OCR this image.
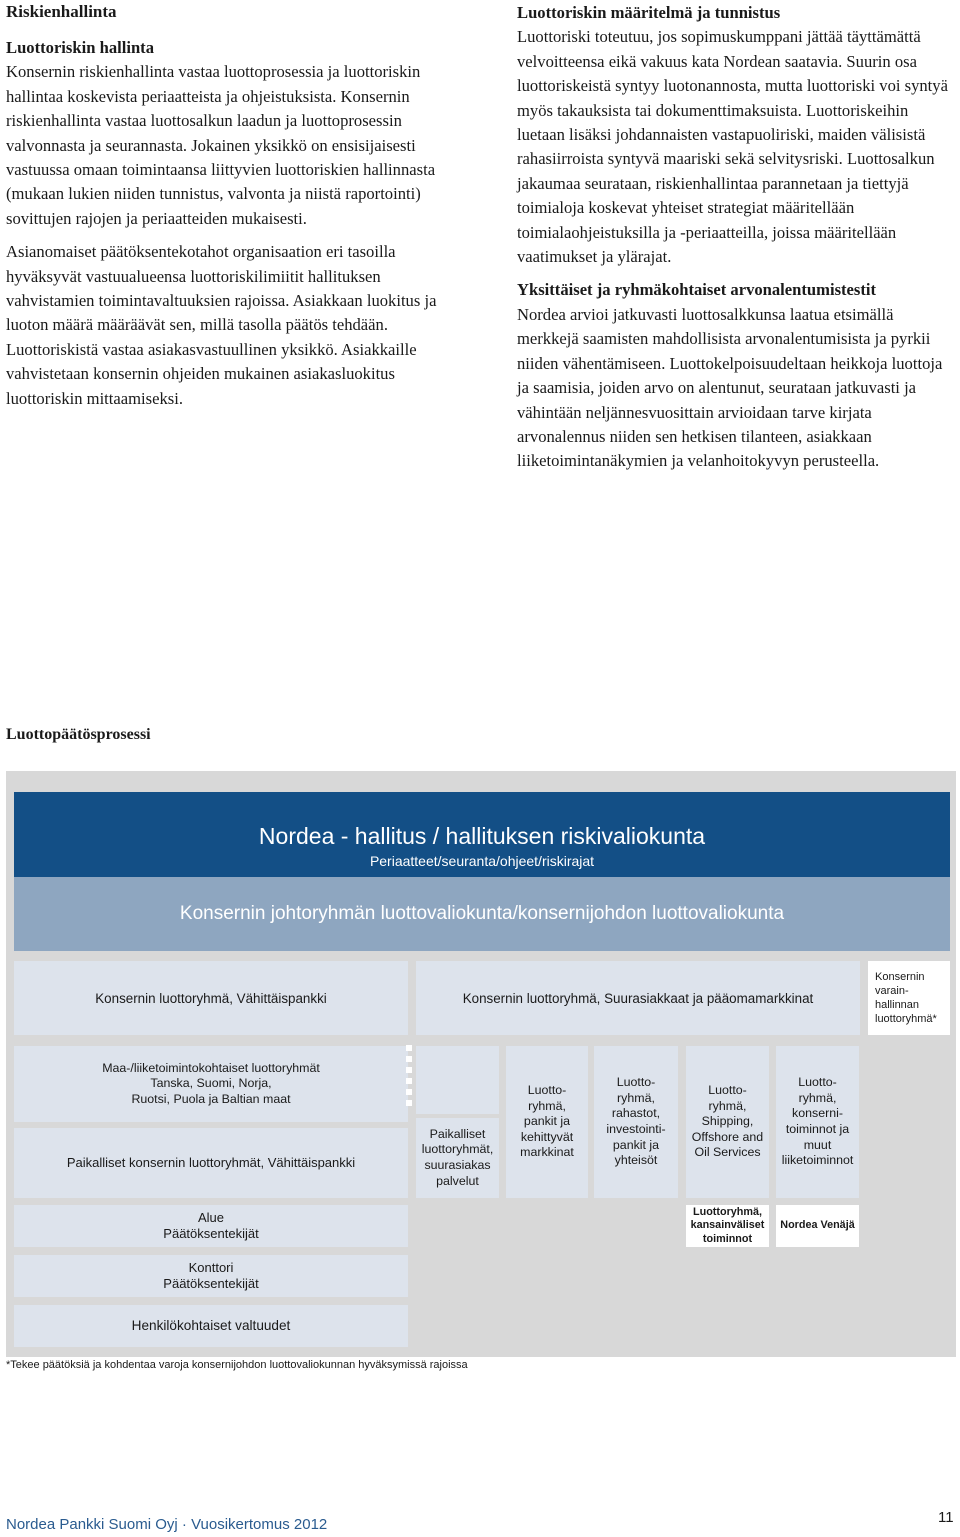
Riskienhallinta

Luottoriskin hallinta
Konsernin riskienhallinta vastaa luottoprosessia ja luottoriskin hallintaa koskevista periaatteista ja ohjeistuksista. Konsernin riskienhallinta vastaa luottosalkun laadun ja luottoprosessin valvonnasta ja seurannasta. Jokainen yksikkö on ensisijaisesti vastuussa omaan toimintaansa liittyvien luottoriskien hallinnasta (mukaan lukien niiden tunnistus, valvonta ja niistä raportointi) sovittujen rajojen ja periaatteiden mukaisesti.

Asianomaiset päätöksentekotahot organisaation eri tasoilla hyväksyvät vastuualueensa luottoriskilimiitit hallituksen vahvistamien toimintavaltuuksien rajoissa. Asiakkaan luokitus ja luoton määrä määräävät sen, millä tasolla päätös tehdään. Luottoriskistä vastaa asiakasvastuullinen yksikkö. Asiakkaille vahvistetaan konsernin ohjeiden mukainen asiakasluokitus luottoriskin mittaamiseksi.

Luottoriskin määritelmä ja tunnistus
Luottoriski toteutuu, jos sopimuskumppani jättää täyttämättä velvoitteensa eikä vakuus kata Nordean saatavia. Suurin osa luottoriskeistä syntyy luotonannosta, mutta luottoriski voi syntyä myös takauksista tai dokumenttimaksuista. Luottoriskeihin luetaan lisäksi johdannaisten vastapuoliriski, maiden välisistä rahasiirroista syntyvä maariski sekä selvitysriski. Luottosalkun jakaumaa seurataan, riskienhallintaa parannetaan ja tiettyjä toimialoja koskevat yhteiset strategiat määritellään toimialaohjeistuksilla ja -periaatteilla, joissa määritellään vaatimukset ja ylärajat.

Yksittäiset ja ryhmäkohtaiset arvonalentumistestit
Nordea arvioi jatkuvasti luottosalkkunsa laatua etsimällä merkkejä saamisten mahdollisista arvonalentumisista ja pyrkii niiden vähentämiseen. Luottokelpoisuudeltaan heikkoja luottoja ja saamisia, joiden arvo on alentunut, seurataan jatkuvasti ja vähintään neljännesvuosittain arvioidaan tarve kirjata arvonalennus niiden sen hetkisen tilanteen, asiakkaan liiketoimintanäkymien ja velanhoitokyvyn perusteella.

Luottopäätösprosessi
Nordea - hallitus / hallituksen riskivaliokunta
Periaatteet/seuranta/ohjeet/riskirajat
Konsernin johtoryhmän luottovaliokunta/konsernijohdon luottovaliokunta
Konsernin luottoryhmä, Vähittäispankki	Konsernin luottoryhmä, Suurasiakkaat ja pääomamarkkinat
Konsernin varain-hallinnan luottoryhmä*
Maa-/liiketoimintokohtaiset luottoryhmät
Tanska, Suomi, Norja,
Ruotsi, Puola ja Baltian maat
Paikalliset konsernin luottoryhmät, Vähittäispankki
Paikalliset
luottoryhmät,
suurasiakas
palvelut
Luotto-
ryhmä,
pankit ja
kehittyvät
markkinat
Luotto-
ryhmä,
rahastot,
investointi-
pankit ja
yhteisöt
Luotto-
ryhmä,
Shipping,
Offshore and
Oil Services
Luotto-
ryhmä,
konserni-
toiminnot ja
muut
liiketoiminnot
Alue
Päätöksentekijät
Konttori
Päätöksentekijät
Henkilökohtaiset valtuudet
Luottoryhmä,
kansainväliset
toiminnot
Nordea Venäjä
*Tekee päätöksiä ja kohdentaa varoja konsernijohdon luottovaliokunnan hyväksymissä rajoissa
Nordea Pankki Suomi Oyj · Vuosikertomus 2012	11
